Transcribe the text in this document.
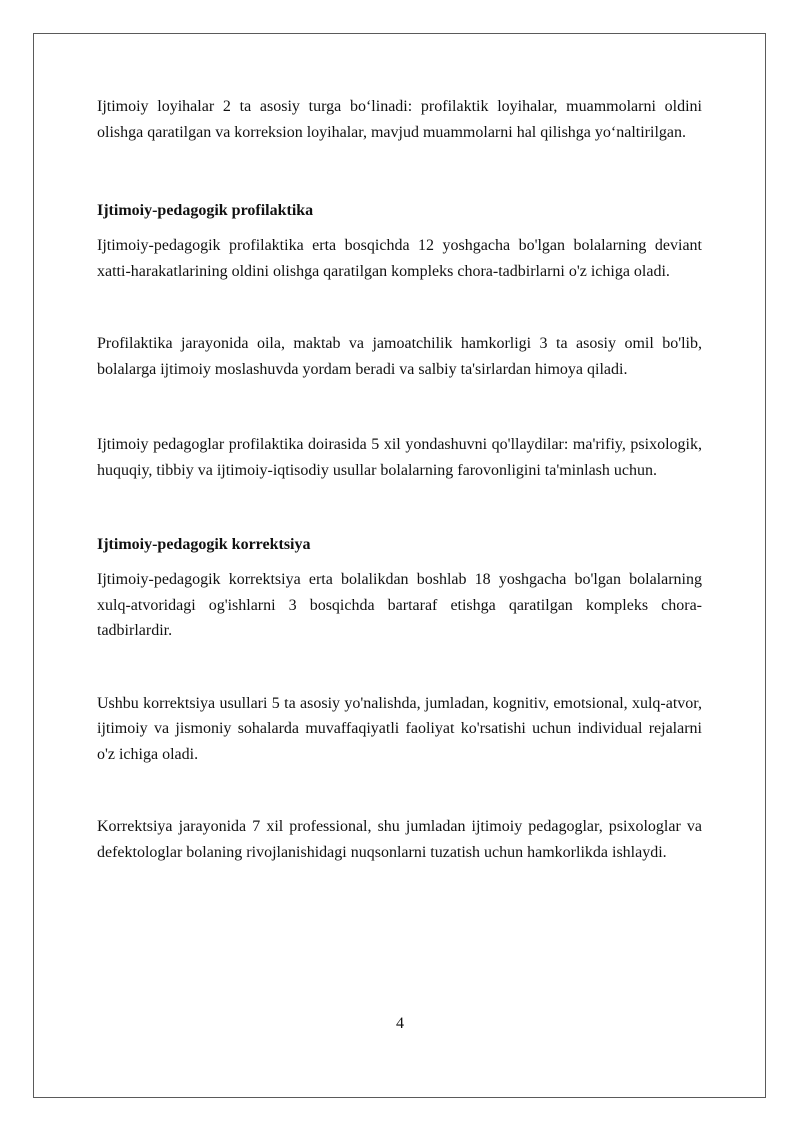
Ijtimoiy loyihalar 2 ta asosiy turga bo‘linadi: profilaktik loyihalar, muammolarni oldini olishga qaratilgan va korreksion loyihalar, mavjud muammolarni hal qilishga yo‘naltirilgan.

Ijtimoiy-pedagogik profilaktika

Ijtimoiy-pedagogik profilaktika erta bosqichda 12 yoshgacha bo'lgan bolalarning deviant xatti-harakatlarining oldini olishga qaratilgan kompleks chora-tadbirlarni o'z ichiga oladi.

Profilaktika jarayonida oila, maktab va jamoatchilik hamkorligi 3 ta asosiy omil bo'lib, bolalarga ijtimoiy moslashuvda yordam beradi va salbiy ta'sirlardan himoya qiladi.

Ijtimoiy pedagoglar profilaktika doirasida 5 xil yondashuvni qo'llaydilar: ma'rifiy, psixologik, huquqiy, tibbiy va ijtimoiy-iqtisodiy usullar bolalarning farovonligini ta'minlash uchun.

Ijtimoiy-pedagogik korrektsiya

Ijtimoiy-pedagogik korrektsiya erta bolalikdan boshlab 18 yoshgacha bo'lgan bolalarning xulq-atvoridagi og'ishlarni 3 bosqichda bartaraf etishga qaratilgan kompleks chora-tadbirlardir.

Ushbu korrektsiya usullari 5 ta asosiy yo'nalishda, jumladan, kognitiv, emotsional, xulq-atvor, ijtimoiy va jismoniy sohalarda muvaffaqiyatli faoliyat ko'rsatishi uchun individual rejalarni o'z ichiga oladi.

Korrektsiya jarayonida 7 xil professional, shu jumladan ijtimoiy pedagoglar, psixologlar va defektologlar bolaning rivojlanishidagi nuqsonlarni tuzatish uchun hamkorlikda ishlaydi.

4
